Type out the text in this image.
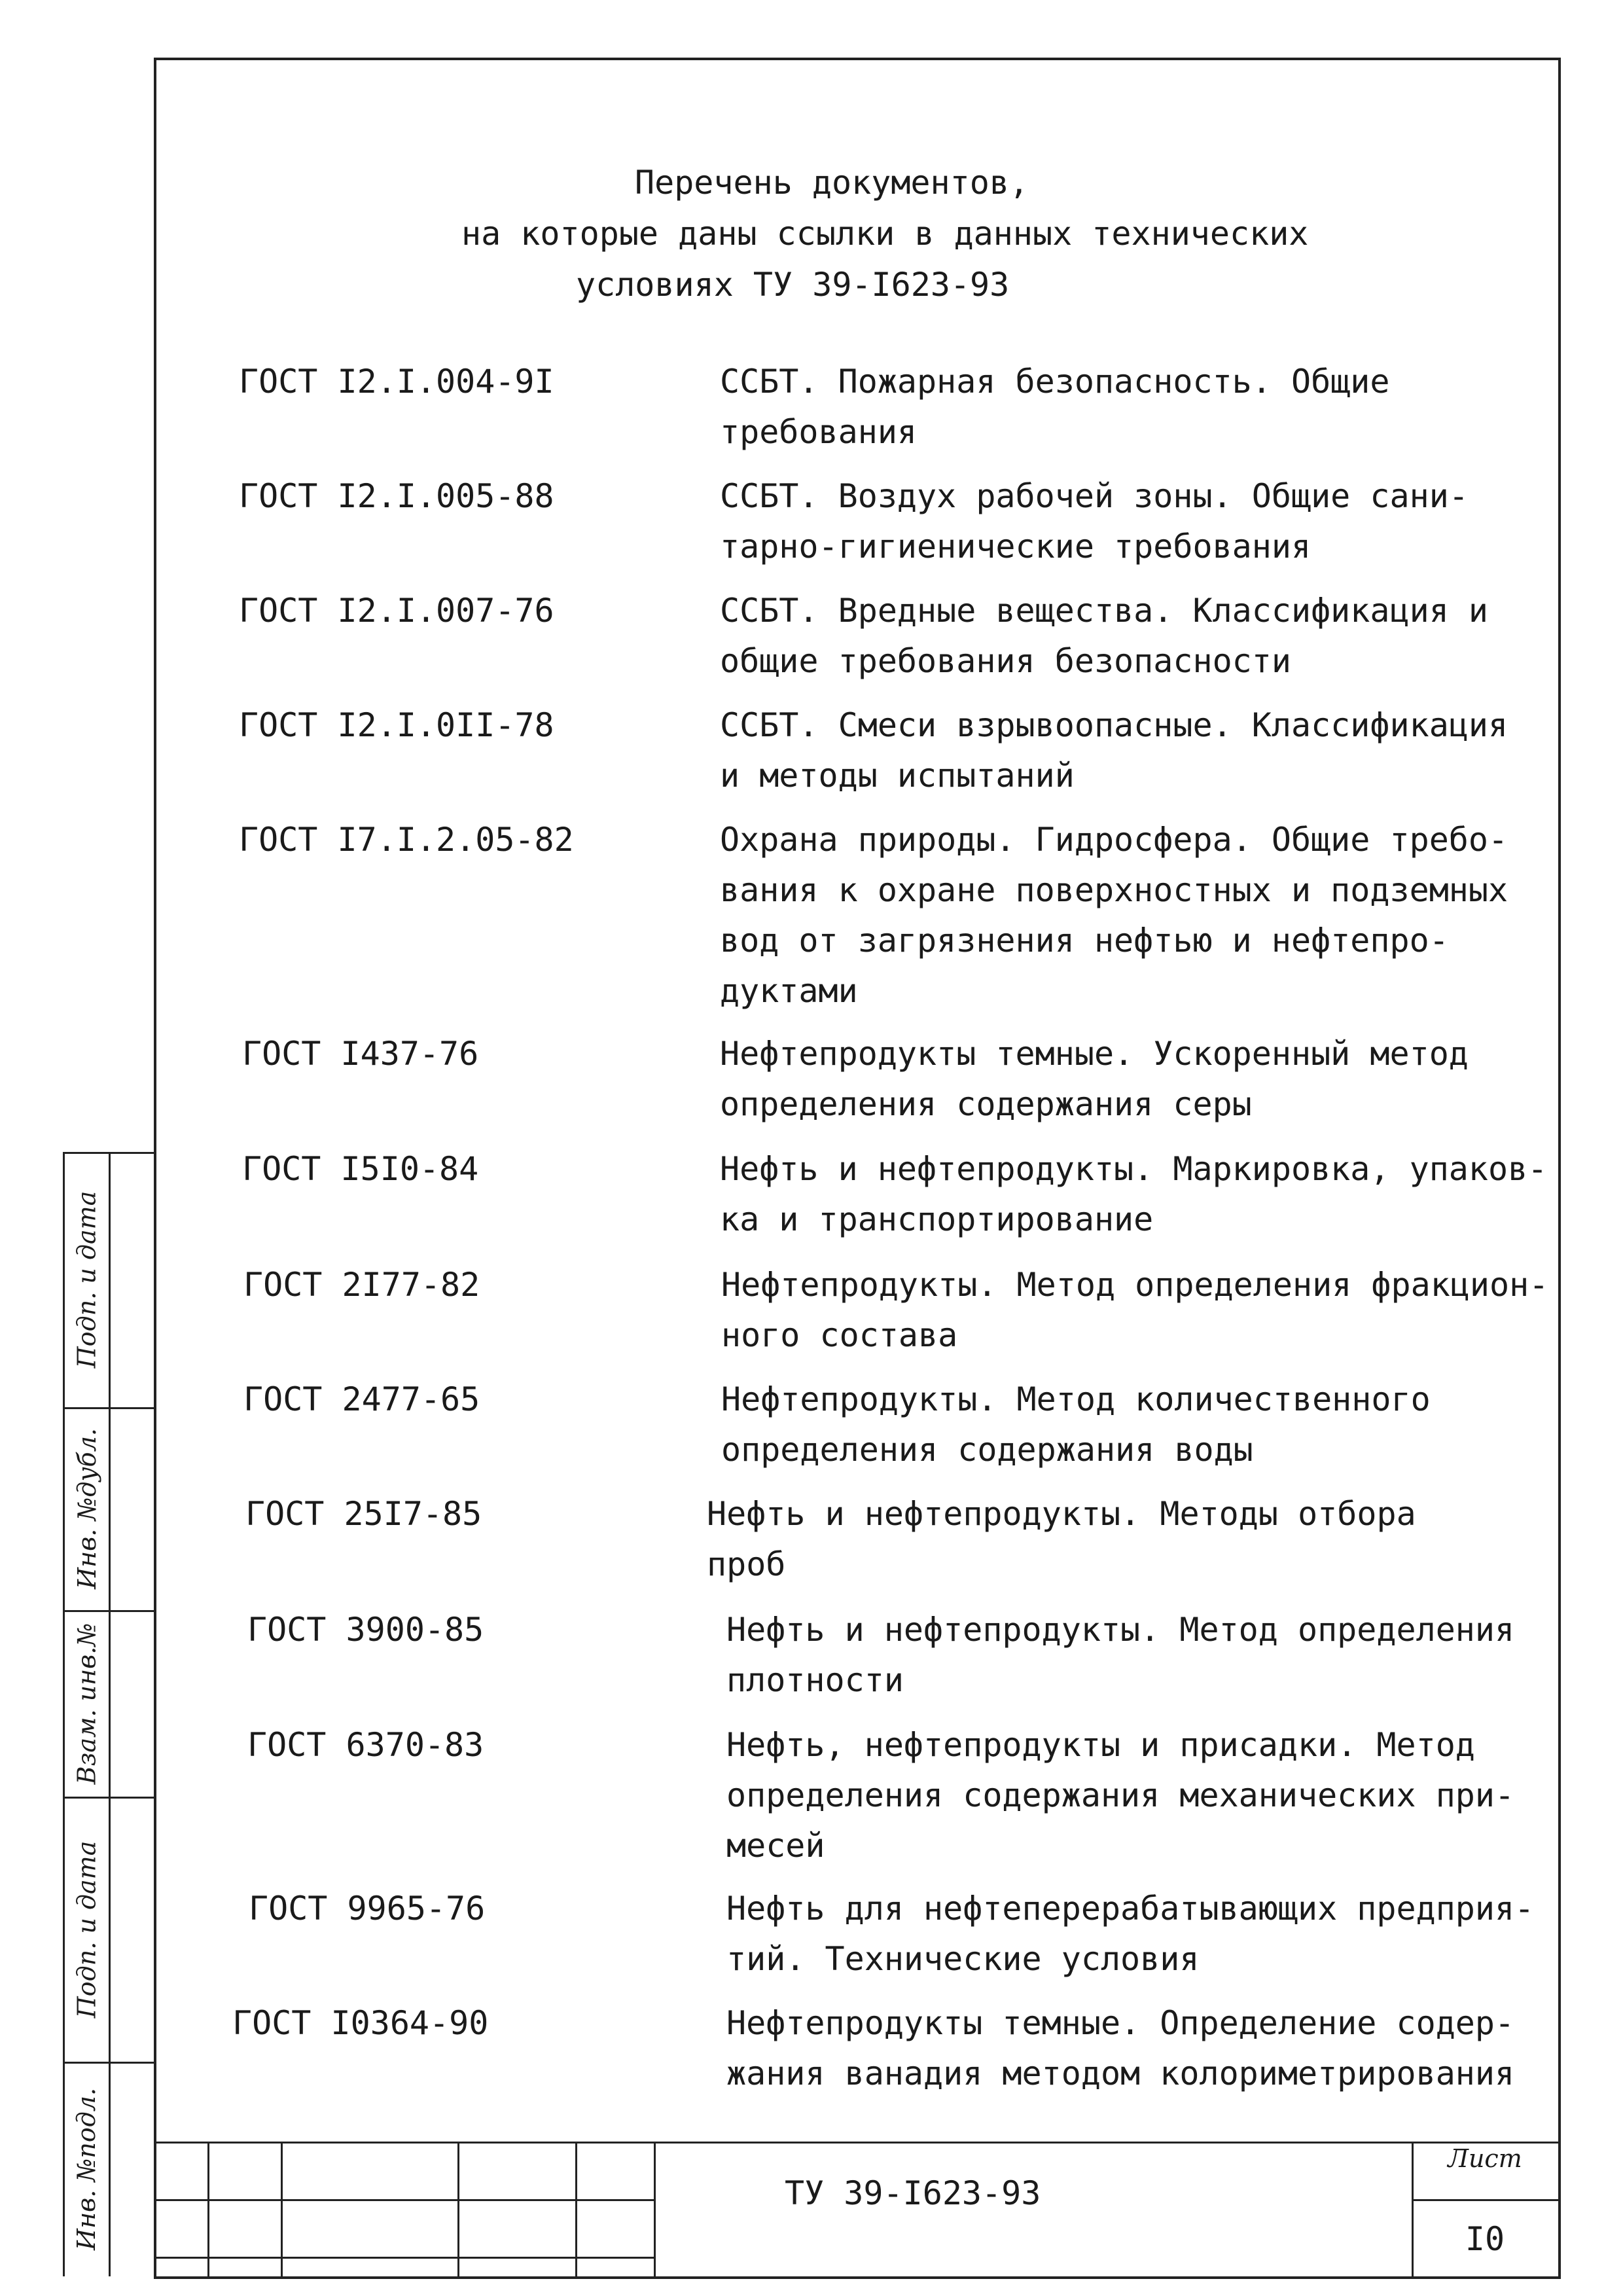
Перечень документов,
на которые даны ссылки в данных технических
условиях ТУ 39-I623-93
ГОСТ I2.I.004-9I	ССБТ. Пожарная безопасность. Общие
требования
ГОСТ I2.I.005-88	ССБТ. Воздух рабочей зоны. Общие сани-
тарно-гигиенические требования
ГОСТ I2.I.007-76	ССБТ. Вредные вещества. Классификация и
общие требования безопасности
ГОСТ I2.I.0II-78	ССБТ. Смеси взрывоопасные. Классификация
и методы испытаний
ГОСТ I7.I.2.05-82	Охрана природы. Гидросфера. Общие требо-
вания к охране поверхностных и подземных
вод от загрязнения нефтью и нефтепро-
дуктами
ГОСТ I437-76	Нефтепродукты темные. Ускоренный метод
определения содержания серы
ГОСТ I5I0-84	Нефть и нефтепродукты. Маркировка, упаков-
ка и транспортирование
ГОСТ 2I77-82	Нефтепродукты. Метод определения фракцион-
ного состава
ГОСТ 2477-65	Нефтепродукты. Метод количественного
определения содержания воды
ГОСТ 25I7-85	Нефть и нефтепродукты. Методы отбора
проб
ГОСТ 3900-85	Нефть и нефтепродукты. Метод определения
плотности
ГОСТ 6370-83	Нефть, нефтепродукты и присадки. Метод
определения содержания механических при-
месей
ГОСТ 9965-76	Нефть для нефтеперерабатывающих предприя-
тий. Технические условия
ГОСТ I0364-90	Нефтепродукты темные. Определение содер-
жания ванадия методом колориметрирования
Подп. и дата
Инв. №дубл.
Взам. инв.№
Подп. и дата
Инв. №подл.	ТУ 39-I623-93
Лист
I0
